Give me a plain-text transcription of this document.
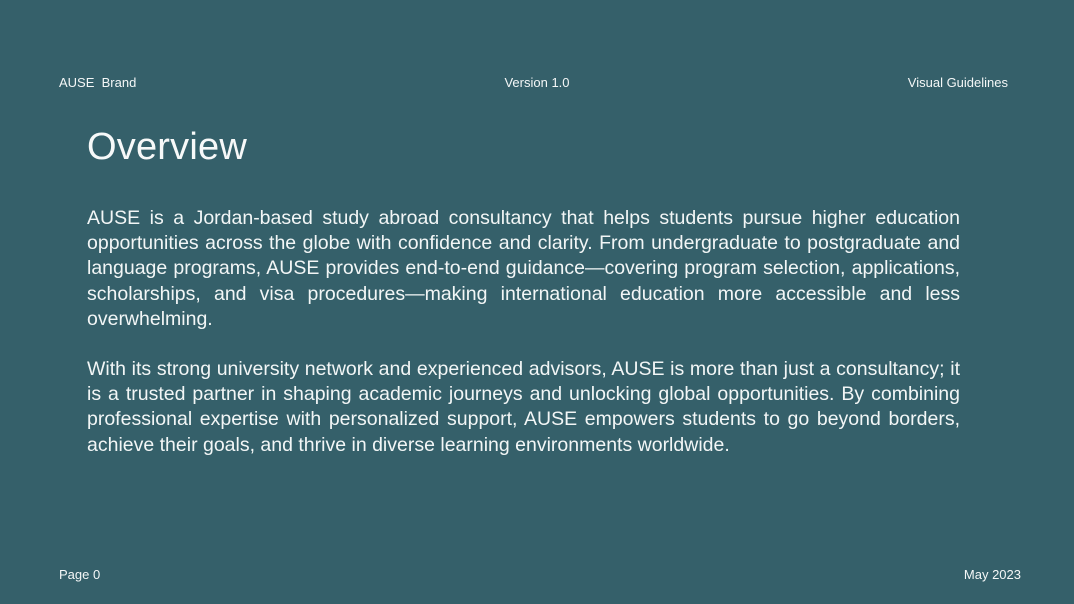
AUSE  Brand	Version 1.0	Visual Guidelines
Overview

AUSE is a Jordan-based study abroad consultancy that helps students pursue higher education opportunities across the globe with confidence and clarity. From undergraduate to postgraduate and language programs, AUSE provides end-to-end guidance—covering program selection, applications, scholarships, and visa procedures—making international education more accessible and less overwhelming.

With its strong university network and experienced advisors, AUSE is more than just a consultancy; it is a trusted partner in shaping academic journeys and unlocking global opportunities. By combining professional expertise with personalized support, AUSE empowers students to go beyond borders, achieve their goals, and thrive in diverse learning environments worldwide.

Page 0	May 2023
